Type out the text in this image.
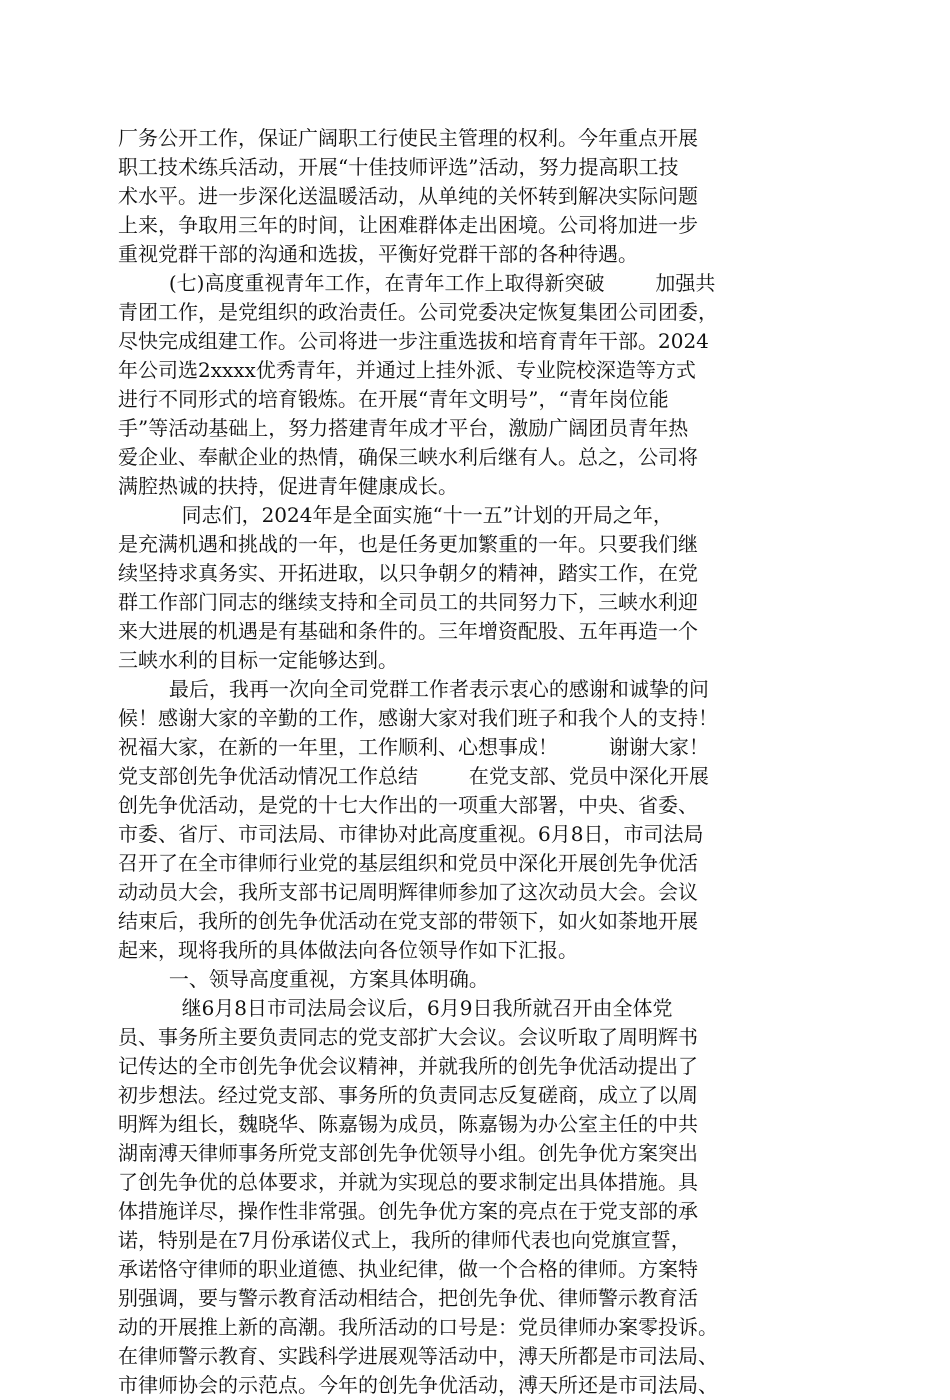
厂务公开工作，保证广阔职工行使民主管理的权利。今年重点开展
职工技术练兵活动，开展“十佳技师评选”活动，努力提高职工技
术水平。进一步深化送温暖活动，从单纯的关怀转到解决实际问题
上来，争取用三年的时间，让困难群体走出困境。公司将加进一步
重视党群干部的沟通和选拔，平衡好党群干部的各种待遇。
(七)高度重视青年工作，在青年工作上取得新突破        加强共
青团工作，是党组织的政治责任。公司党委决定恢复集团公司团委，
尽快完成组建工作。公司将进一步注重选拔和培育青年干部。2024
年公司选2xxxx优秀青年，并通过上挂外派、专业院校深造等方式
进行不同形式的培育锻炼。在开展“青年文明号”，“青年岗位能
手”等活动基础上，努力搭建青年成才平台，激励广阔团员青年热
爱企业、奉献企业的热情，确保三峡水利后继有人。总之，公司将
满腔热诚的扶持，促进青年健康成长。
同志们，2024年是全面实施“十一五”计划的开局之年，
是充满机遇和挑战的一年，也是任务更加繁重的一年。只要我们继
续坚持求真务实、开拓进取，以只争朝夕的精神，踏实工作，在党
群工作部门同志的继续支持和全司员工的共同努力下，三峡水利迎
来大进展的机遇是有基础和条件的。三年增资配股、五年再造一个
三峡水利的目标一定能够达到。
最后，我再一次向全司党群工作者表示衷心的感谢和诚挚的问
候！感谢大家的辛勤的工作，感谢大家对我们班子和我个人的支持！
祝福大家，在新的一年里，工作顺利、心想事成！        谢谢大家！
党支部创先争优活动情况工作总结        在党支部、党员中深化开展
创先争优活动，是党的十七大作出的一项重大部署，中央、省委、
市委、省厅、市司法局、市律协对此高度重视。6月8日，市司法局
召开了在全市律师行业党的基层组织和党员中深化开展创先争优活
动动员大会，我所支部书记周明辉律师参加了这次动员大会。会议
结束后，我所的创先争优活动在党支部的带领下，如火如荼地开展
起来，现将我所的具体做法向各位领导作如下汇报。
一、领导高度重视，方案具体明确。
继6月8日市司法局会议后，6月9日我所就召开由全体党
员、事务所主要负责同志的党支部扩大会议。会议听取了周明辉书
记传达的全市创先争优会议精神，并就我所的创先争优活动提出了
初步想法。经过党支部、事务所的负责同志反复磋商，成立了以周
明辉为组长，魏晓华、陈嘉锡为成员，陈嘉锡为办公室主任的中共
湖南溥天律师事务所党支部创先争优领导小组。创先争优方案突出
了创先争优的总体要求，并就为实现总的要求制定出具体措施。具
体措施详尽，操作性非常强。创先争优方案的亮点在于党支部的承
诺，特别是在7月份承诺仪式上，我所的律师代表也向党旗宣誓，
承诺恪守律师的职业道德、执业纪律，做一个合格的律师。方案特
别强调，要与警示教育活动相结合，把创先争优、律师警示教育活
动的开展推上新的高潮。我所活动的口号是：党员律师办案零投诉。
在律师警示教育、实践科学进展观等活动中，溥天所都是市司法局、
市律师协会的示范点。今年的创先争优活动，溥天所还是市司法局、
